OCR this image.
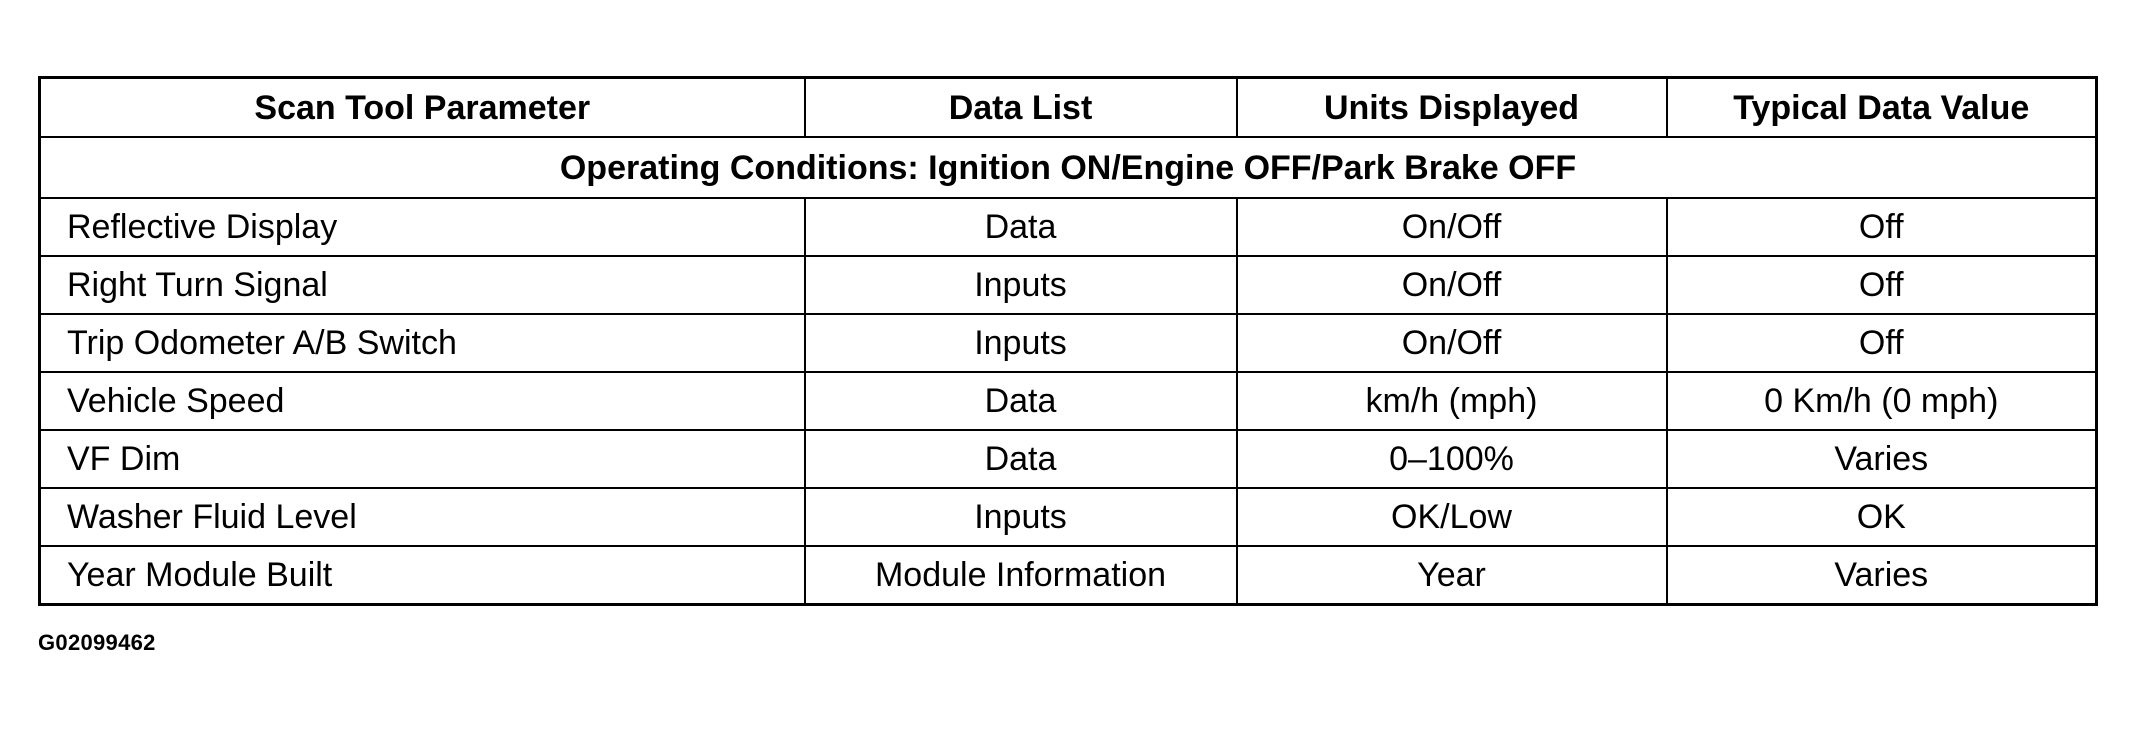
Scan Tool Parameter	Data List	Units Displayed	Typical Data Value
Operating Conditions: Ignition ON/Engine OFF/Park Brake OFF			
Reflective Display	Data	On/Off	Off
Right Turn Signal	Inputs	On/Off	Off
Trip Odometer A/B Switch	Inputs	On/Off	Off
Vehicle Speed	Data	km/h (mph)	0 Km/h (0 mph)
VF Dim	Data	0–100%	Varies
Washer Fluid Level	Inputs	OK/Low	OK
Year Module Built	Module Information	Year	Varies
G02099462
